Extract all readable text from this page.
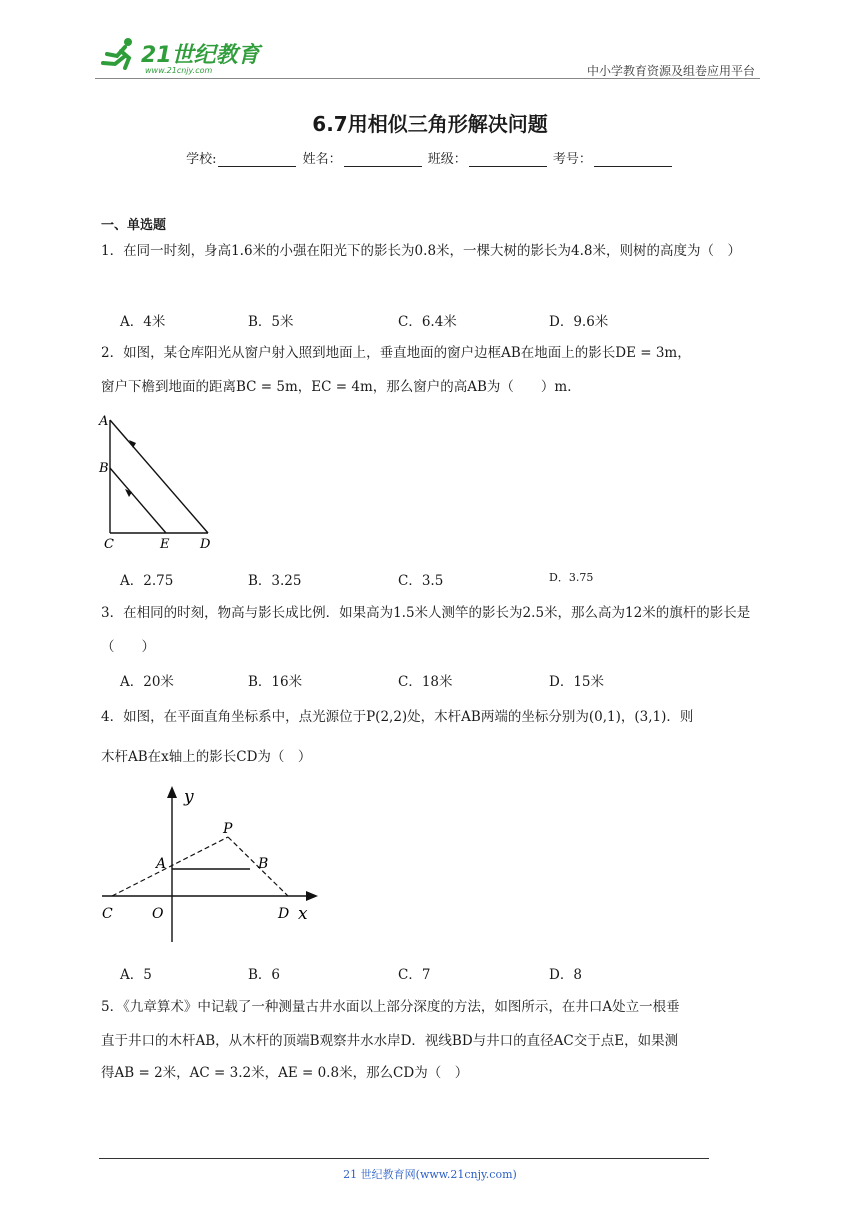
21世纪教育
www.21cnjy.com	中小学教育资源及组卷应用平台
6.7用相似三角形解决问题
学校:	姓名：	班级：	考号：
一、单选题
1．在同一时刻，身高1.6米的小强在阳光下的影长为0.8米，一棵大树的影长为4.8米，则树的高度为（　）
A．4米	B．5米	C．6.4米	D．9.6米
2．如图，某仓库阳光从窗户射入照到地面上，垂直地面的窗户边框AB在地面上的影长DE = 3m，
窗户下檐到地面的距离BC = 5m，EC = 4m，那么窗户的高AB为（　　）m．
A
B
C	E D
A．2.75	B．3.25	C．3.5	D．3.75
3．在相同的时刻，物高与影长成比例．如果高为1.5米人测竿的影长为2.5米，那么高为12米的旗杆的影长是（　　）
A．20米	B．16米	C．18米	D．15米
4．如图，在平面直角坐标系中，点光源位于P(2,2)处，木杆AB两端的坐标分别为(0,1)，(3,1)．则
木杆AB在x轴上的影长CD为（　）
y
P
A	B
C	O	D x
A．5	B．6	C．7	D．8
5．《九章算术》中记载了一种测量古井水面以上部分深度的方法，如图所示，在井口A处立一根垂
直于井口的木杆AB，从木杆的顶端B观察井水水岸D．视线BD与井口的直径AC交于点E，如果测
得AB = 2米，AC = 3.2米，AE = 0.8米，那么CD为（　）
21 世纪教育网(www.21cnjy.com)
